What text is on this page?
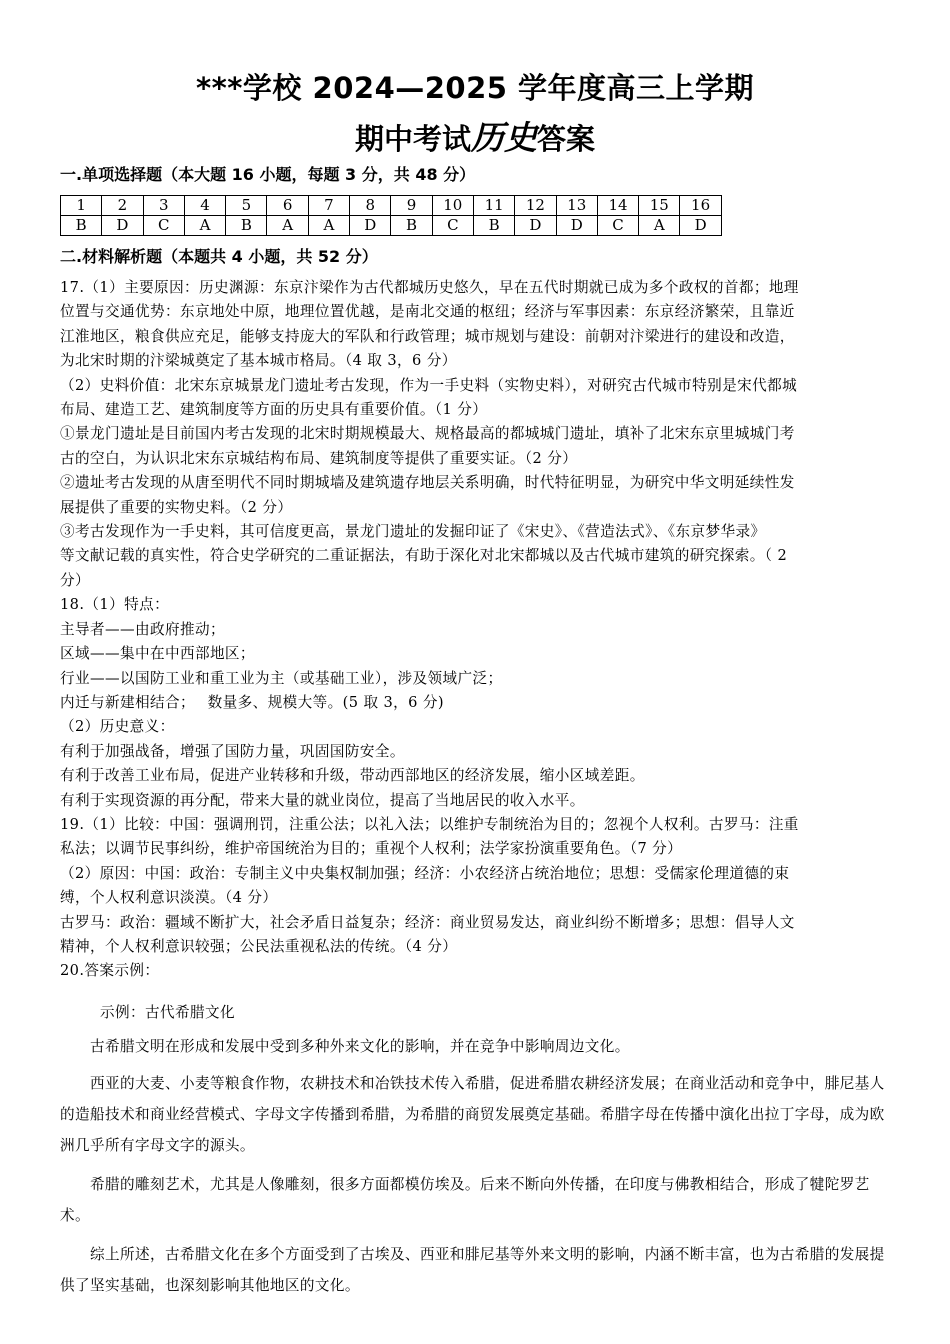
***学校 2024—2025 学年度高三上学期
期中考试历史答案
一.单项选择题（本大题 16 小题，每题 3 分，共 48 分）
1	2	3	4	5	6	7	8	9	10	11	12	13	14	15	16
B	D	C	A	B	A	A	D	B	C	B	D	D	C	A	D
二.材料解析题（本题共 4 小题，共 52 分）

17.（1）主要原因：历史渊源：东京汴梁作为古代都城历史悠久，早在五代时期就已成为多个政权的首都；地理

位置与交通优势：东京地处中原，地理位置优越，是南北交通的枢纽；经济与军事因素：东京经济繁荣，且靠近

江淮地区，粮食供应充足，能够支持庞大的军队和行政管理；城市规划与建设：前朝对汴梁进行的建设和改造，

为北宋时期的汴梁城奠定了基本城市格局。（4 取 3，6 分）

（2）史料价值：北宋东京城景龙门遗址考古发现，作为一手史料（实物史料），对研究古代城市特别是宋代都城

布局、建造工艺、建筑制度等方面的历史具有重要价值。（1 分）

①景龙门遗址是目前国内考古发现的北宋时期规模最大、规格最高的都城城门遗址，填补了北宋东京里城城门考

古的空白，为认识北宋东京城结构布局、建筑制度等提供了重要实证。（2 分）

②遗址考古发现的从唐至明代不同时期城墙及建筑遗存地层关系明确，时代特征明显，为研究中华文明延续性发

展提供了重要的实物史料。（2 分）

③考古发现作为一手史料，其可信度更高，景龙门遗址的发掘印证了《宋史》、《营造法式》、《东京梦华录》

等文献记载的真实性，符合史学研究的二重证据法，有助于深化对北宋都城以及古代城市建筑的研究探索。（ 2

分）

18.（1）特点：

主导者——由政府推动；

区域——集中在中西部地区；

行业——以国防工业和重工业为主（或基础工业），涉及领域广泛；

内迁与新建相结合；　 数量多、规模大等。(5 取 3，6 分)

（2）历史意义：

有利于加强战备，增强了国防力量，巩固国防安全。

有利于改善工业布局，促进产业转移和升级，带动西部地区的经济发展，缩小区域差距。

有利于实现资源的再分配，带来大量的就业岗位，提高了当地居民的收入水平。

19.（1）比较：中国：强调刑罚，注重公法；以礼入法；以维护专制统治为目的；忽视个人权利。古罗马：注重

私法；以调节民事纠纷，维护帝国统治为目的；重视个人权利；法学家扮演重要角色。（7 分）

（2）原因：中国：政治：专制主义中央集权制加强；经济：小农经济占统治地位；思想：受儒家伦理道德的束

缚，个人权利意识淡漠。（4 分）

古罗马：政治：疆域不断扩大，社会矛盾日益复杂；经济：商业贸易发达，商业纠纷不断增多；思想：倡导人文

精神，个人权利意识较强；公民法重视私法的传统。（4 分）

20.答案示例：

示例：古代希腊文化

古希腊文明在形成和发展中受到多种外来文化的影响，并在竞争中影响周边文化。

西亚的大麦、小麦等粮食作物，农耕技术和冶铁技术传入希腊，促进希腊农耕经济发展；在商业活动和竞争中，腓尼基人的造船技术和商业经营模式、字母文字传播到希腊，为希腊的商贸发展奠定基础。希腊字母在传播中演化出拉丁字母，成为欧洲几乎所有字母文字的源头。

希腊的雕刻艺术，尤其是人像雕刻，很多方面都模仿埃及。后来不断向外传播，在印度与佛教相结合，形成了犍陀罗艺术。

综上所述，古希腊文化在多个方面受到了古埃及、西亚和腓尼基等外来文明的影响，内涵不断丰富，也为古希腊的发展提供了坚实基础，也深刻影响其他地区的文化。
